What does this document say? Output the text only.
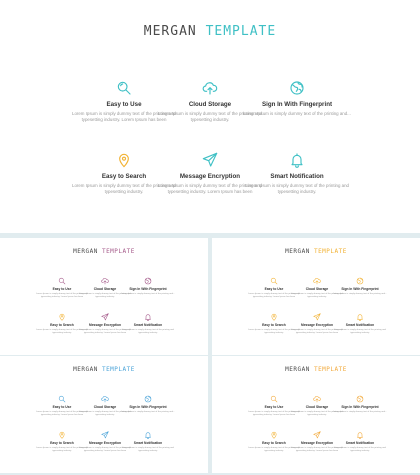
MERGAN TEMPLATE
Easy to Use
Lorem Ipsum is simply dummy text of the printing and typesetting industry. Lorem Ipsum has been
Cloud Storage
Lorem Ipsum is simply dummy text of the printing and typesetting industry.
Sign In With Fingerprint
Lorem Ipsum is simply dummy text of the printing and...
Easy to Search
Lorem Ipsum is simply dummy text of the printing and typesetting industry.
Message Encryption
Lorem Ipsum is simply dummy text of the printing and typesetting industry. Lorem Ipsum has been
Smart Notification
Lorem Ipsum is simply dummy text of the printing and typesetting industry.
MERGAN TEMPLATE
Easy to Use
Lorem Ipsum is simply dummy text of the printing and typesetting industry. Lorem Ipsum has been
Cloud Storage
Lorem Ipsum is simply dummy text of the printing and typesetting industry.
Sign In With Fingerprint
Lorem Ipsum is simply dummy text of the printing and...
Easy to Search
Lorem Ipsum is simply dummy text of the printing and typesetting industry.
Message Encryption
Lorem Ipsum is simply dummy text of the printing and typesetting industry. Lorem Ipsum has been
Smart Notification
Lorem Ipsum is simply dummy text of the printing and typesetting industry.
MERGAN TEMPLATE
Easy to Use
Lorem Ipsum is simply dummy text of the printing and typesetting industry. Lorem Ipsum has been
Cloud Storage
Lorem Ipsum is simply dummy text of the printing and typesetting industry.
Sign In With Fingerprint
Lorem Ipsum is simply dummy text of the printing and...
Easy to Search
Lorem Ipsum is simply dummy text of the printing and typesetting industry.
Message Encryption
Lorem Ipsum is simply dummy text of the printing and typesetting industry. Lorem Ipsum has been
Smart Notification
Lorem Ipsum is simply dummy text of the printing and typesetting industry.
MERGAN TEMPLATE
Easy to Use
Lorem Ipsum is simply dummy text of the printing and typesetting industry. Lorem Ipsum has been
Cloud Storage
Lorem Ipsum is simply dummy text of the printing and typesetting industry.
Sign In With Fingerprint
Lorem Ipsum is simply dummy text of the printing and...
Easy to Search
Lorem Ipsum is simply dummy text of the printing and typesetting industry.
Message Encryption
Lorem Ipsum is simply dummy text of the printing and typesetting industry. Lorem Ipsum has been
Smart Notification
Lorem Ipsum is simply dummy text of the printing and typesetting industry.
MERGAN TEMPLATE
Easy to Use
Lorem Ipsum is simply dummy text of the printing and typesetting industry. Lorem Ipsum has been
Cloud Storage
Lorem Ipsum is simply dummy text of the printing and typesetting industry.
Sign In With Fingerprint
Lorem Ipsum is simply dummy text of the printing and...
Easy to Search
Lorem Ipsum is simply dummy text of the printing and typesetting industry.
Message Encryption
Lorem Ipsum is simply dummy text of the printing and typesetting industry. Lorem Ipsum has been
Smart Notification
Lorem Ipsum is simply dummy text of the printing and typesetting industry.
